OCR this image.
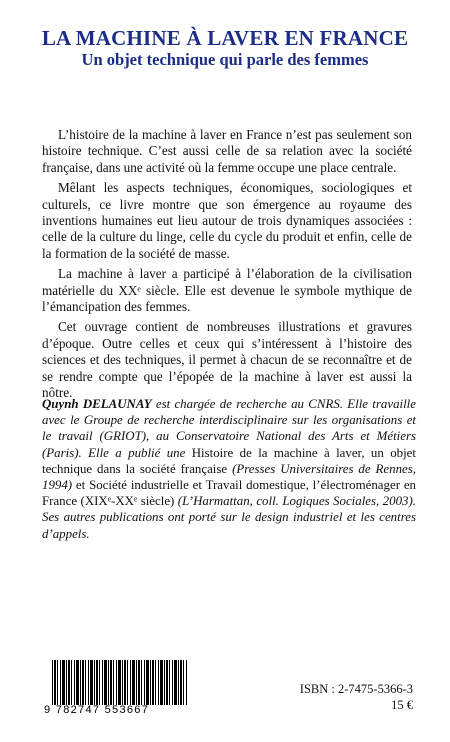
LA MACHINE À LAVER EN FRANCE
Un objet technique qui parle des femmes

L’histoire de la machine à laver en France n’est pas seulement son histoire technique. C’est aussi celle de sa relation avec la société française, dans une activité où la femme occupe une place centrale.

Mêlant les aspects techniques, économiques, sociologiques et culturels, ce livre montre que son émergence au royaume des inventions humaines eut lieu autour de trois dynamiques associées : celle de la culture du linge, celle du cycle du produit et enfin, celle de la formation de la société de masse.

La machine à laver a participé à l’élaboration de la civilisation matérielle du XXᵉ siècle. Elle est devenue le symbole mythique de l’émancipation des femmes.

Cet ouvrage contient de nombreuses illustrations et gravures d’époque. Outre celles et ceux qui s’intéressent à l’histoire des sciences et des techniques, il permet à chacun de se reconnaître et de se rendre compte que l’épopée de la machine à laver est aussi la nôtre.

Quynh DELAUNAY est chargée de recherche au CNRS. Elle travaille avec le Groupe de recherche interdisciplinaire sur les organisations et le travail (GRIOT), au Conservatoire National des Arts et Métiers (Paris). Elle a publié une Histoire de la machine à laver, un objet technique dans la société française (Presses Universitaires de Rennes, 1994) et Société industrielle et Travail domestique, l’électroménager en France (XIXᵉ-XXᵉ siècle) (L’Harmattan, coll. Logiques Sociales, 2003). Ses autres publications ont porté sur le design industriel et les centres d’appels.

9 782747 553667
ISBN : 2-7475-5366-3
15 €
